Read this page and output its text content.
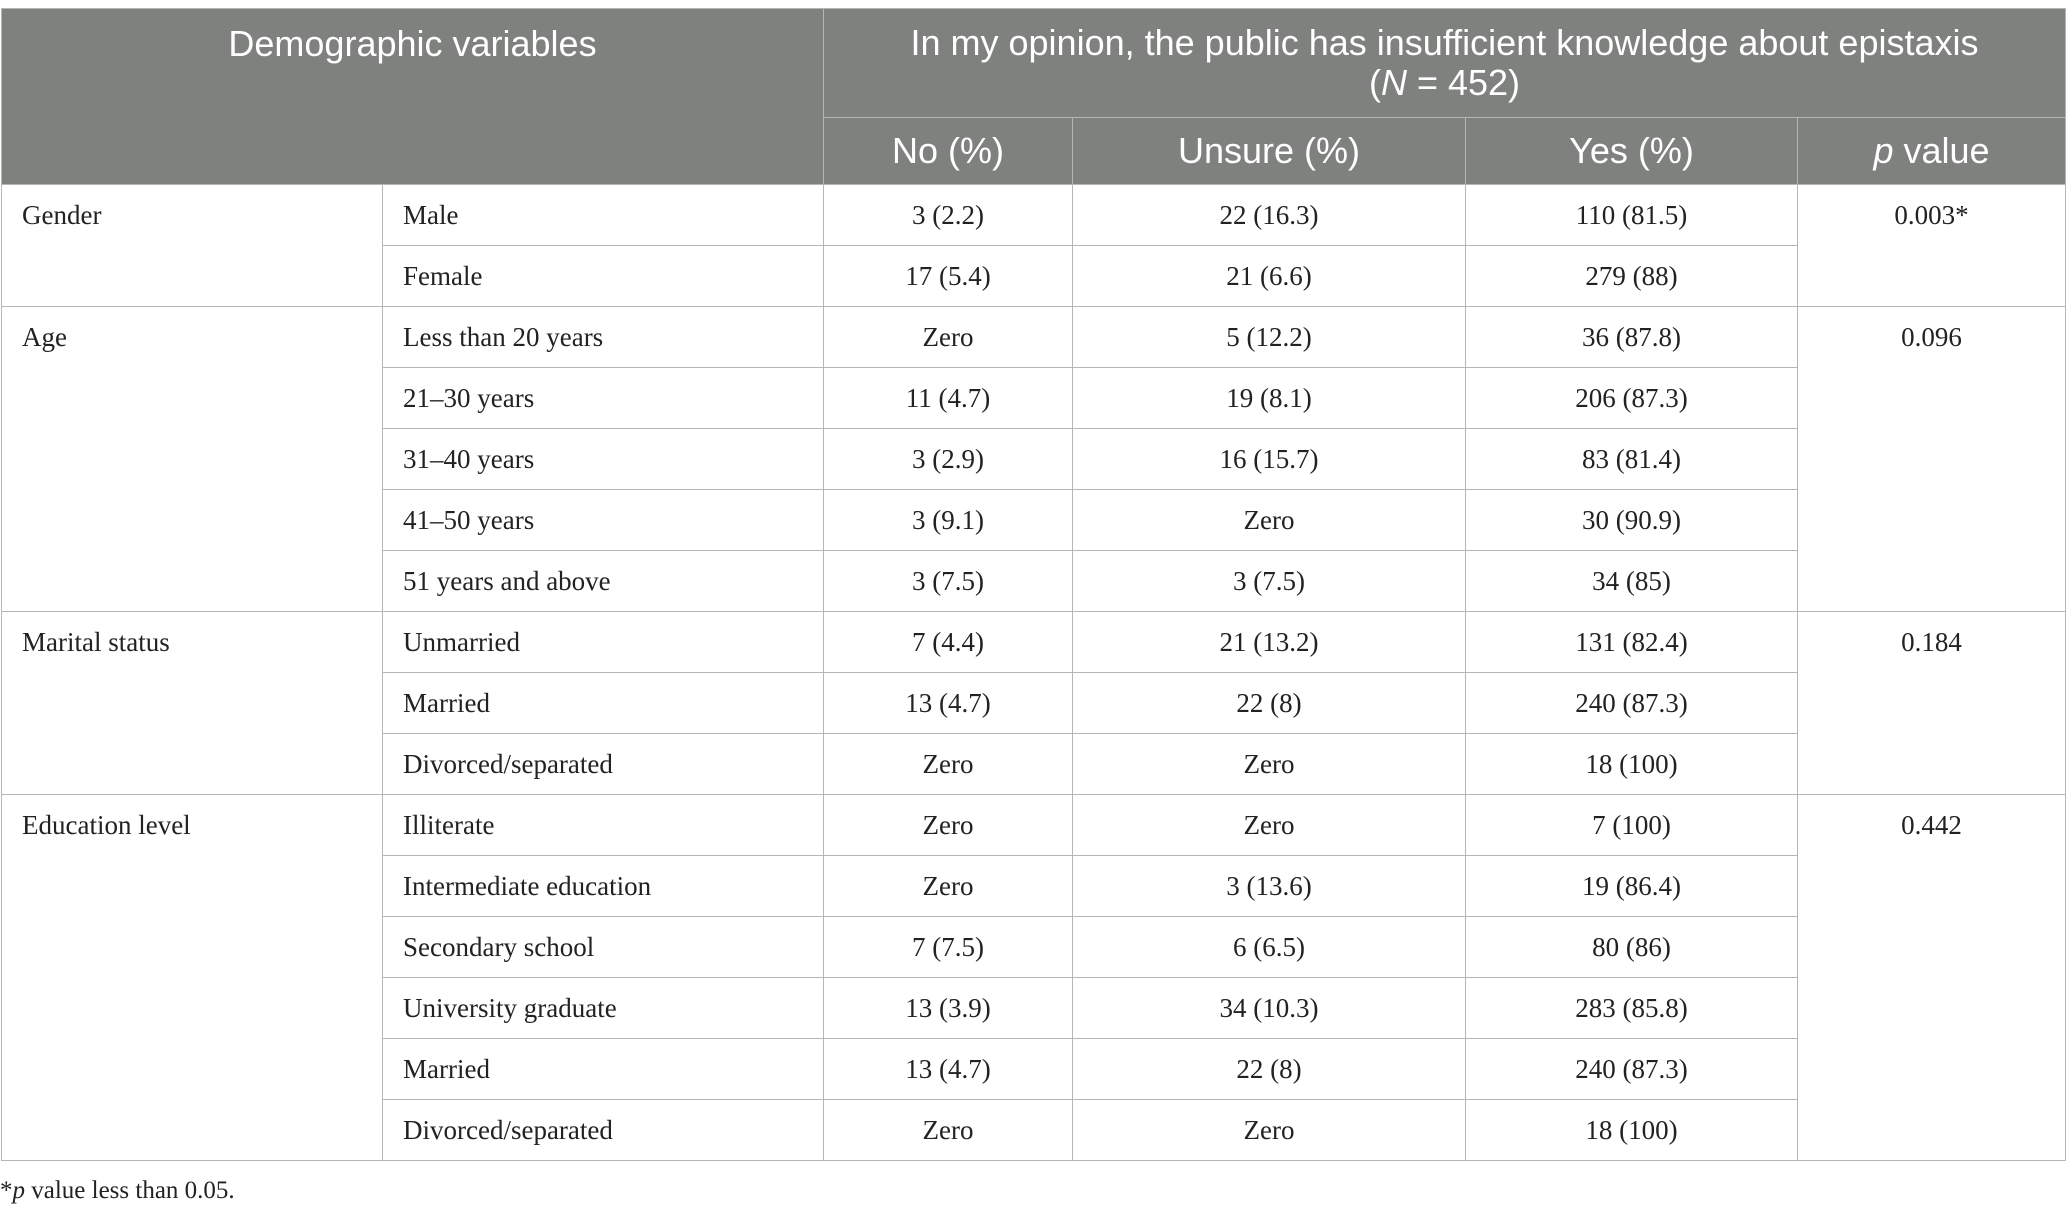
Demographic variables		In my opinion, the public has insufficient knowledge about epistaxis
(N = 452)			
		No (%)	Unsure (%)	Yes (%)	p value
Gender	Male	3 (2.2)	22 (16.3)	110 (81.5)	0.003*
	Female	17 (5.4)	21 (6.6)	279 (88)	
Age	Less than 20 years	Zero	5 (12.2)	36 (87.8)	0.096
	21–30 years	11 (4.7)	19 (8.1)	206 (87.3)	
	31–40 years	3 (2.9)	16 (15.7)	83 (81.4)	
	41–50 years	3 (9.1)	Zero	30 (90.9)	
	51 years and above	3 (7.5)	3 (7.5)	34 (85)	
Marital status	Unmarried	7 (4.4)	21 (13.2)	131 (82.4)	0.184
	Married	13 (4.7)	22 (8)	240 (87.3)	
	Divorced/separated	Zero	Zero	18 (100)	
Education level	Illiterate	Zero	Zero	7 (100)	0.442
	Intermediate education	Zero	3 (13.6)	19 (86.4)	
	Secondary school	7 (7.5)	6 (6.5)	80 (86)	
	University graduate	13 (3.9)	34 (10.3)	283 (85.8)	
	Married	13 (4.7)	22 (8)	240 (87.3)	
	Divorced/separated	Zero	Zero	18 (100)	

*p value less than 0.05.
